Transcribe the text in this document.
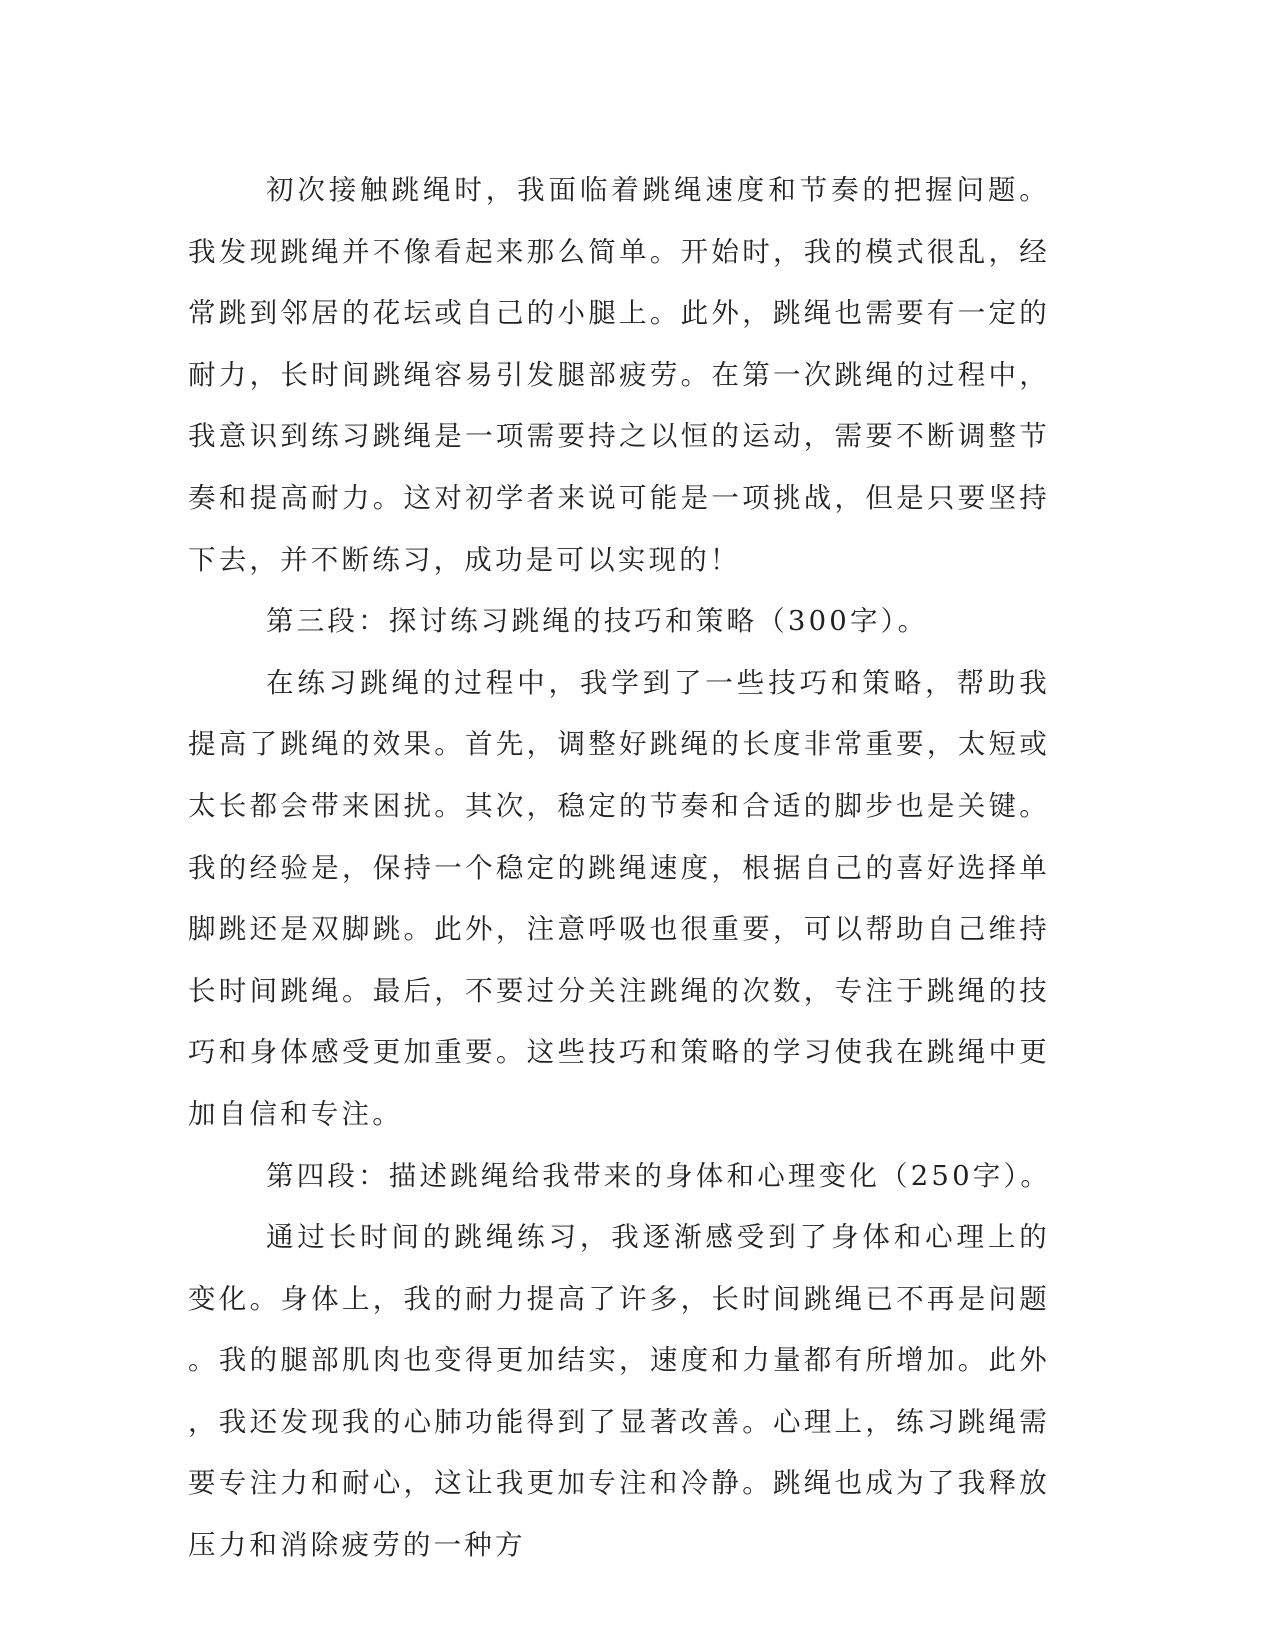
初次接触跳绳时，我面临着跳绳速度和节奏的把握问题。我发现跳绳并不像看起来那么简单。开始时，我的模式很乱，经常跳到邻居的花坛或自己的小腿上。此外，跳绳也需要有一定的耐力，长时间跳绳容易引发腿部疲劳。在第一次跳绳的过程中，我意识到练习跳绳是一项需要持之以恒的运动，需要不断调整节奏和提高耐力。这对初学者来说可能是一项挑战，但是只要坚持下去，并不断练习，成功是可以实现的！

第三段：探讨练习跳绳的技巧和策略（300字）。

在练习跳绳的过程中，我学到了一些技巧和策略，帮助我提高了跳绳的效果。首先，调整好跳绳的长度非常重要，太短或太长都会带来困扰。其次，稳定的节奏和合适的脚步也是关键。我的经验是，保持一个稳定的跳绳速度，根据自己的喜好选择单脚跳还是双脚跳。此外，注意呼吸也很重要，可以帮助自己维持长时间跳绳。最后，不要过分关注跳绳的次数，专注于跳绳的技巧和身体感受更加重要。这些技巧和策略的学习使我在跳绳中更加自信和专注。

第四段：描述跳绳给我带来的身体和心理变化（250字）。

通过长时间的跳绳练习，我逐渐感受到了身体和心理上的变化。身体上，我的耐力提高了许多，长时间跳绳已不再是问题。我的腿部肌肉也变得更加结实，速度和力量都有所增加。此外，我还发现我的心肺功能得到了显著改善。心理上，练习跳绳需要专注力和耐心，这让我更加专注和冷静。跳绳也成为了我释放压力和消除疲劳的一种方
